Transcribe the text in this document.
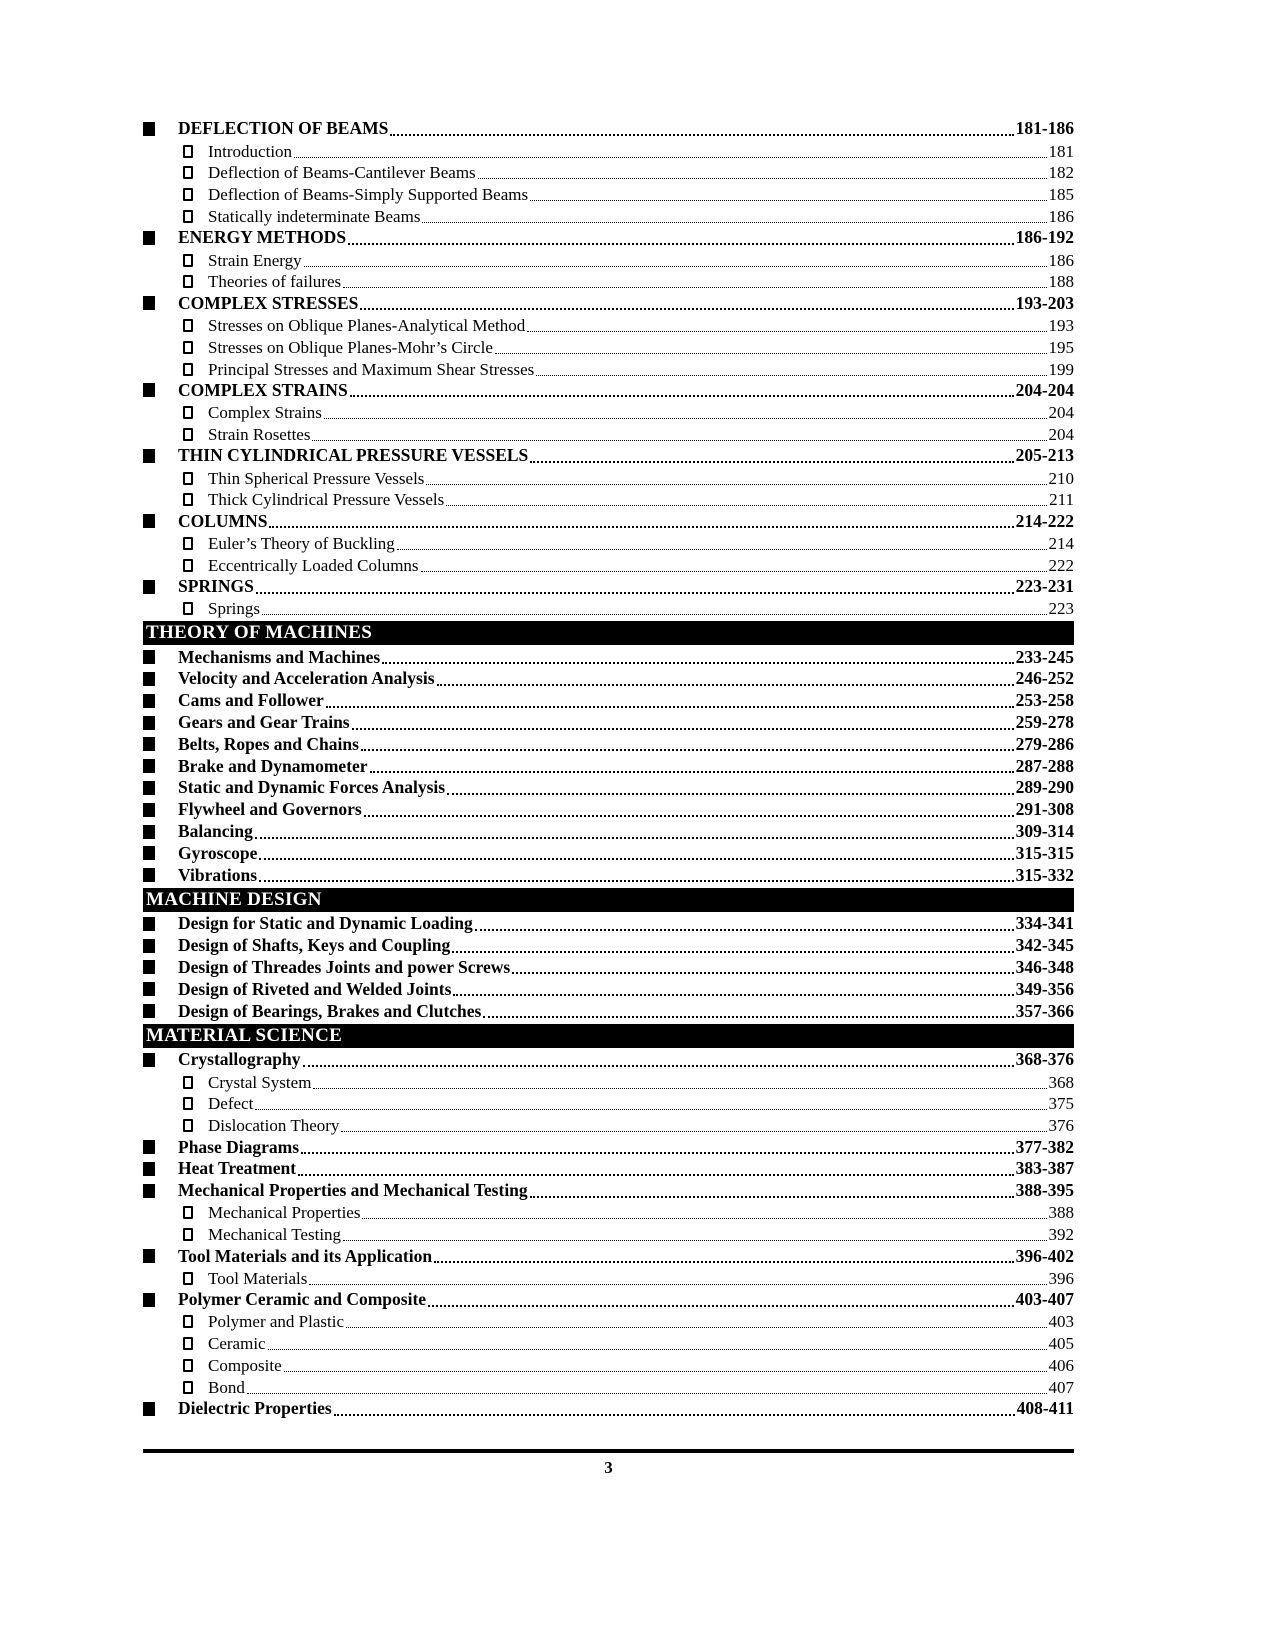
DEFLECTION OF BEAMS	181-186
Introduction	181
Deflection of Beams-Cantilever Beams	182
Deflection of Beams-Simply Supported Beams	185
Statically indeterminate Beams	186
ENERGY METHODS	186-192
Strain Energy	186
Theories of failures	188
COMPLEX STRESSES	193-203
Stresses on Oblique Planes-Analytical Method	193
Stresses on Oblique Planes-Mohr’s Circle	195
Principal Stresses and Maximum Shear Stresses	199
COMPLEX STRAINS	204-204
Complex Strains	204
Strain Rosettes	204
THIN CYLINDRICAL PRESSURE VESSELS	205-213
Thin Spherical Pressure Vessels	210
Thick Cylindrical Pressure Vessels	211
COLUMNS	214-222
Euler’s Theory of Buckling	214
Eccentrically Loaded Columns	222
SPRINGS	223-231
Springs	223
THEORY OF MACHINES
Mechanisms and Machines	233-245
Velocity and Acceleration Analysis	246-252
Cams and Follower	253-258
Gears and Gear Trains	259-278
Belts, Ropes and Chains	279-286
Brake and Dynamometer	287-288
Static and Dynamic Forces Analysis	289-290
Flywheel and Governors	291-308
Balancing	309-314
Gyroscope	315-315
Vibrations	315-332
MACHINE DESIGN
Design for Static and Dynamic Loading	334-341
Design of Shafts, Keys and Coupling	342-345
Design of Threades Joints and power Screws	346-348
Design of Riveted and Welded Joints	349-356
Design of Bearings, Brakes and Clutches	357-366
MATERIAL SCIENCE
Crystallography	368-376
Crystal System	368
Defect	375
Dislocation Theory	376
Phase Diagrams	377-382
Heat Treatment	383-387
Mechanical Properties and Mechanical Testing	388-395
Mechanical Properties	388
Mechanical Testing	392
Tool Materials and its Application	396-402
Tool Materials	396
Polymer Ceramic and Composite	403-407
Polymer and Plastic	403
Ceramic	405
Composite	406
Bond	407
Dielectric Properties	408-411
3
